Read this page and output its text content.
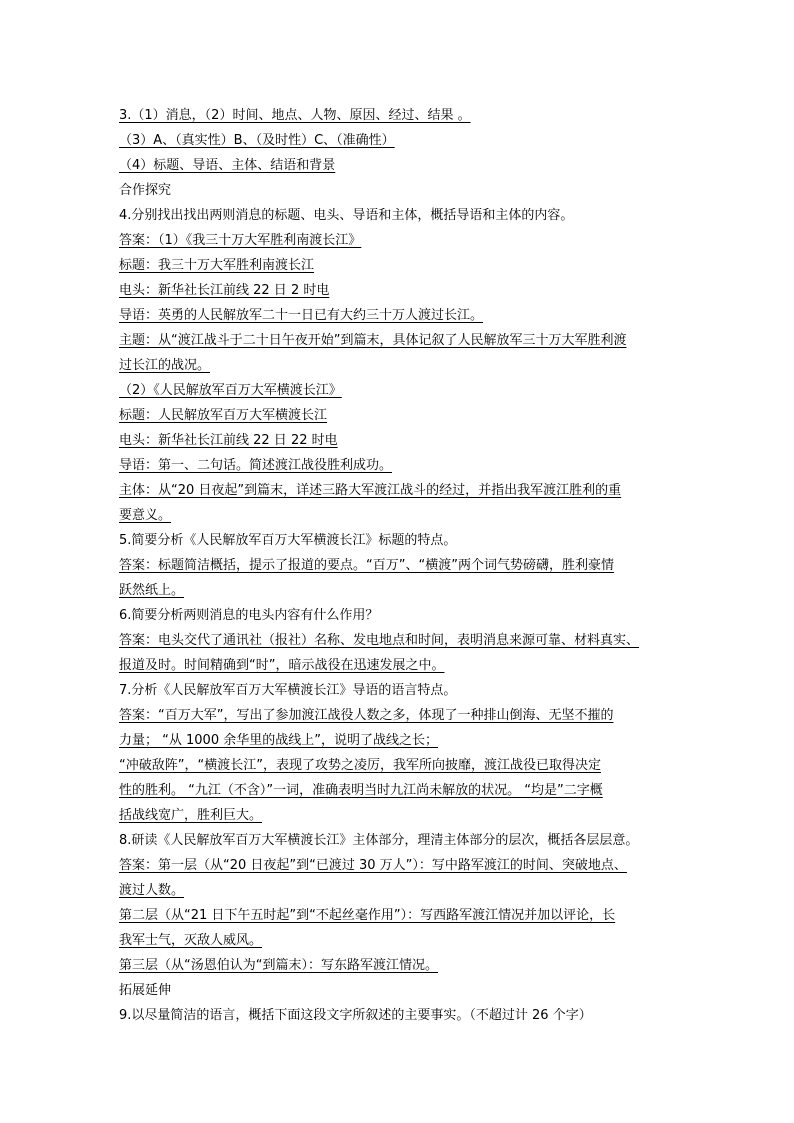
3.（1）消息，（2）时间、地点、人物、原因、经过、结果 。
（3）A、（真实性）B、（及时性）C、（准确性）
（4）标题、导语、主体、结语和背景
合作探究
4.分别找出找出两则消息的标题、电头、导语和主体，概括导语和主体的内容。
答案：（1）《我三十万大军胜利南渡长江》
标题：我三十万大军胜利南渡长江
电头：新华社长江前线 22 日 2 时电
导语：英勇的人民解放军二十一日已有大约三十万人渡过长江。
主题：从“渡江战斗于二十日午夜开始”到篇末，具体记叙了人民解放军三十万大军胜利渡
过长江的战况。
（2）《人民解放军百万大军横渡长江》
标题：人民解放军百万大军横渡长江
电头：新华社长江前线 22 日 22 时电
导语：第一、二句话。简述渡江战役胜利成功。
主体：从“20 日夜起”到篇末，详述三路大军渡江战斗的经过，并指出我军渡江胜利的重
要意义。
5.简要分析《人民解放军百万大军横渡长江》标题的特点。
答案：标题简洁概括，提示了报道的要点。“百万”、“横渡”两个词气势磅礴，胜利豪情
跃然纸上。
6.简要分析两则消息的电头内容有什么作用？
答案：电头交代了通讯社（报社）名称、发电地点和时间，表明消息来源可靠、材料真实、
报道及时。时间精确到“时”，暗示战役在迅速发展之中。
7.分析《人民解放军百万大军横渡长江》导语的语言特点。
答案：“百万大军”，写出了参加渡江战役人数之多，体现了一种排山倒海、无坚不摧的
力量； “从 1000 余华里的战线上”，说明了战线之长；
“冲破敌阵”，“横渡长江”，表现了攻势之凌厉，我军所向披靡，渡江战役已取得决定
性的胜利。 “九江（不含）”一词，准确表明当时九江尚未解放的状况。 “均是”二字概
括战线宽广，胜利巨大。
8.研读《人民解放军百万大军横渡长江》主体部分，理清主体部分的层次，概括各层层意。
答案：第一层（从“20 日夜起”到“已渡过 30 万人”）：写中路军渡江的时间、突破地点、
渡过人数。
第二层（从“21 日下午五时起”到“不起丝毫作用”）：写西路军渡江情况并加以评论，长
我军士气，灭敌人威风。
第三层（从“汤恩伯认为“到篇末）：写东路军渡江情况。
拓展延伸
9.以尽量简洁的语言，概括下面这段文字所叙述的主要事实。（不超过计 26 个字）
